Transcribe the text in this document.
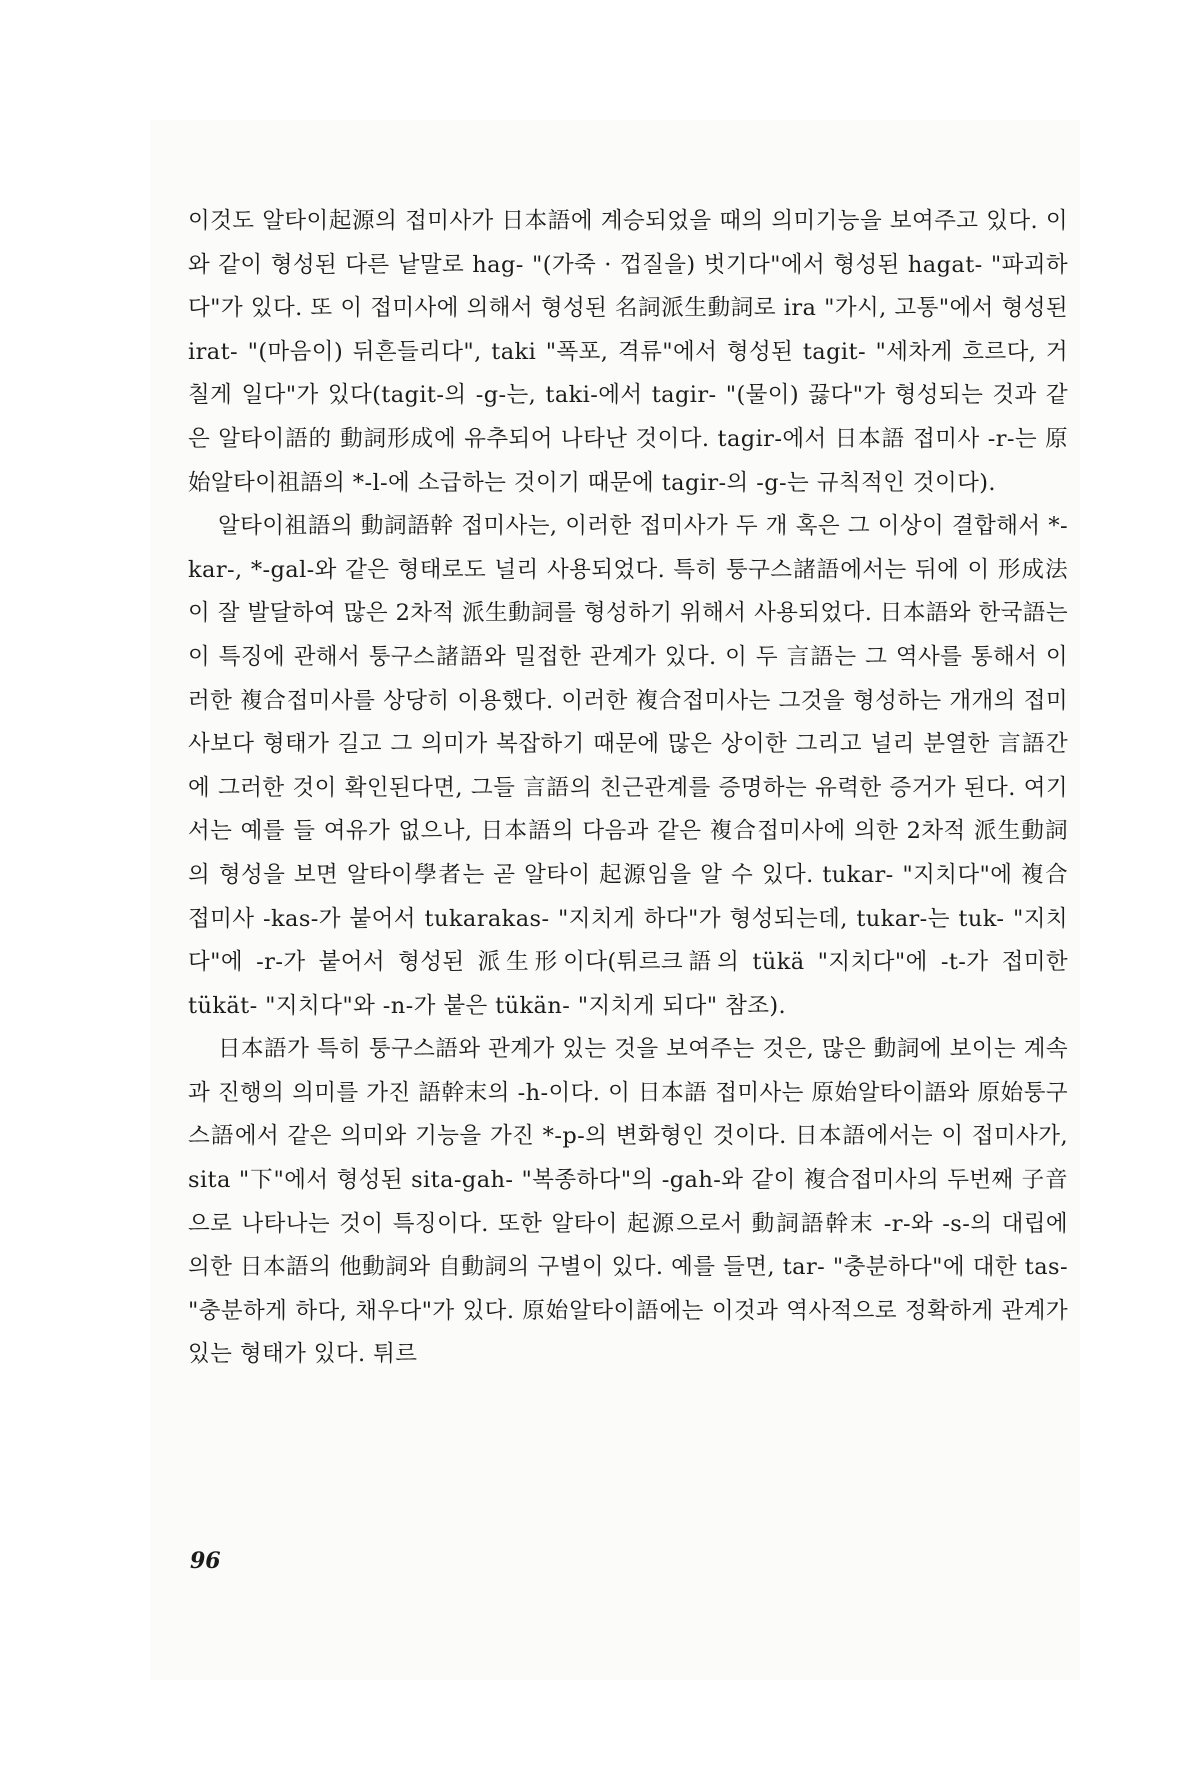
이것도 알타이起源의 접미사가 日本語에 계승되었을 때의 의미기능을 보여주고 있다. 이와 같이 형성된 다른 낱말로 hag- "(가죽 · 껍질을) 벗기다"에서 형성된 hagat- "파괴하다"가 있다. 또 이 접미사에 의해서 형성된 名詞派生動詞로 ira "가시, 고통"에서 형성된 irat- "(마음이) 뒤흔들리다", taki "폭포, 격류"에서 형성된 tagit- "세차게 흐르다, 거칠게 일다"가 있다(tagit-의 -g-는, taki-에서 tagir- "(물이) 끓다"가 형성되는 것과 같은 알타이語的 動詞形成에 유추되어 나타난 것이다. tagir-에서 日本語 접미사 -r-는 原始알타이祖語의 *-l-에 소급하는 것이기 때문에 tagir-의 -g-는 규칙적인 것이다).

알타이祖語의 動詞語幹 접미사는, 이러한 접미사가 두 개 혹은 그 이상이 결합해서 *-kar-, *-gal-와 같은 형태로도 널리 사용되었다. 특히 퉁구스諸語에서는 뒤에 이 形成法이 잘 발달하여 많은 2차적 派生動詞를 형성하기 위해서 사용되었다. 日本語와 한국語는 이 특징에 관해서 퉁구스諸語와 밀접한 관계가 있다. 이 두 言語는 그 역사를 통해서 이러한 複合접미사를 상당히 이용했다. 이러한 複合접미사는 그것을 형성하는 개개의 접미사보다 형태가 길고 그 의미가 복잡하기 때문에 많은 상이한 그리고 널리 분열한 言語간에 그러한 것이 확인된다면, 그들 言語의 친근관계를 증명하는 유력한 증거가 된다. 여기서는 예를 들 여유가 없으나, 日本語의 다음과 같은 複合접미사에 의한 2차적 派生動詞의 형성을 보면 알타이學者는 곧 알타이 起源임을 알 수 있다. tukar- "지치다"에 複合접미사 -kas-가 붙어서 tukarakas- "지치게 하다"가 형성되는데, tukar-는 tuk- "지치다"에 -r-가 붙어서 형성된 派生形이다(튀르크語의 tükä "지치다"에 -t-가 접미한 tükät- "지치다"와 -n-가 붙은 tükän- "지치게 되다" 참조).

日本語가 특히 퉁구스語와 관계가 있는 것을 보여주는 것은, 많은 動詞에 보이는 계속과 진행의 의미를 가진 語幹末의 -h-이다. 이 日本語 접미사는 原始알타이語와 原始퉁구스語에서 같은 의미와 기능을 가진 *-p-의 변화형인 것이다. 日本語에서는 이 접미사가, sita "下"에서 형성된 sita-gah- "복종하다"의 -gah-와 같이 複合접미사의 두번째 子音으로 나타나는 것이 특징이다. 또한 알타이 起源으로서 動詞語幹末 -r-와 -s-의 대립에 의한 日本語의 他動詞와 自動詞의 구별이 있다. 예를 들면, tar- "충분하다"에 대한 tas- "충분하게 하다, 채우다"가 있다. 原始알타이語에는 이것과 역사적으로 정확하게 관계가 있는 형태가 있다. 튀르

96
